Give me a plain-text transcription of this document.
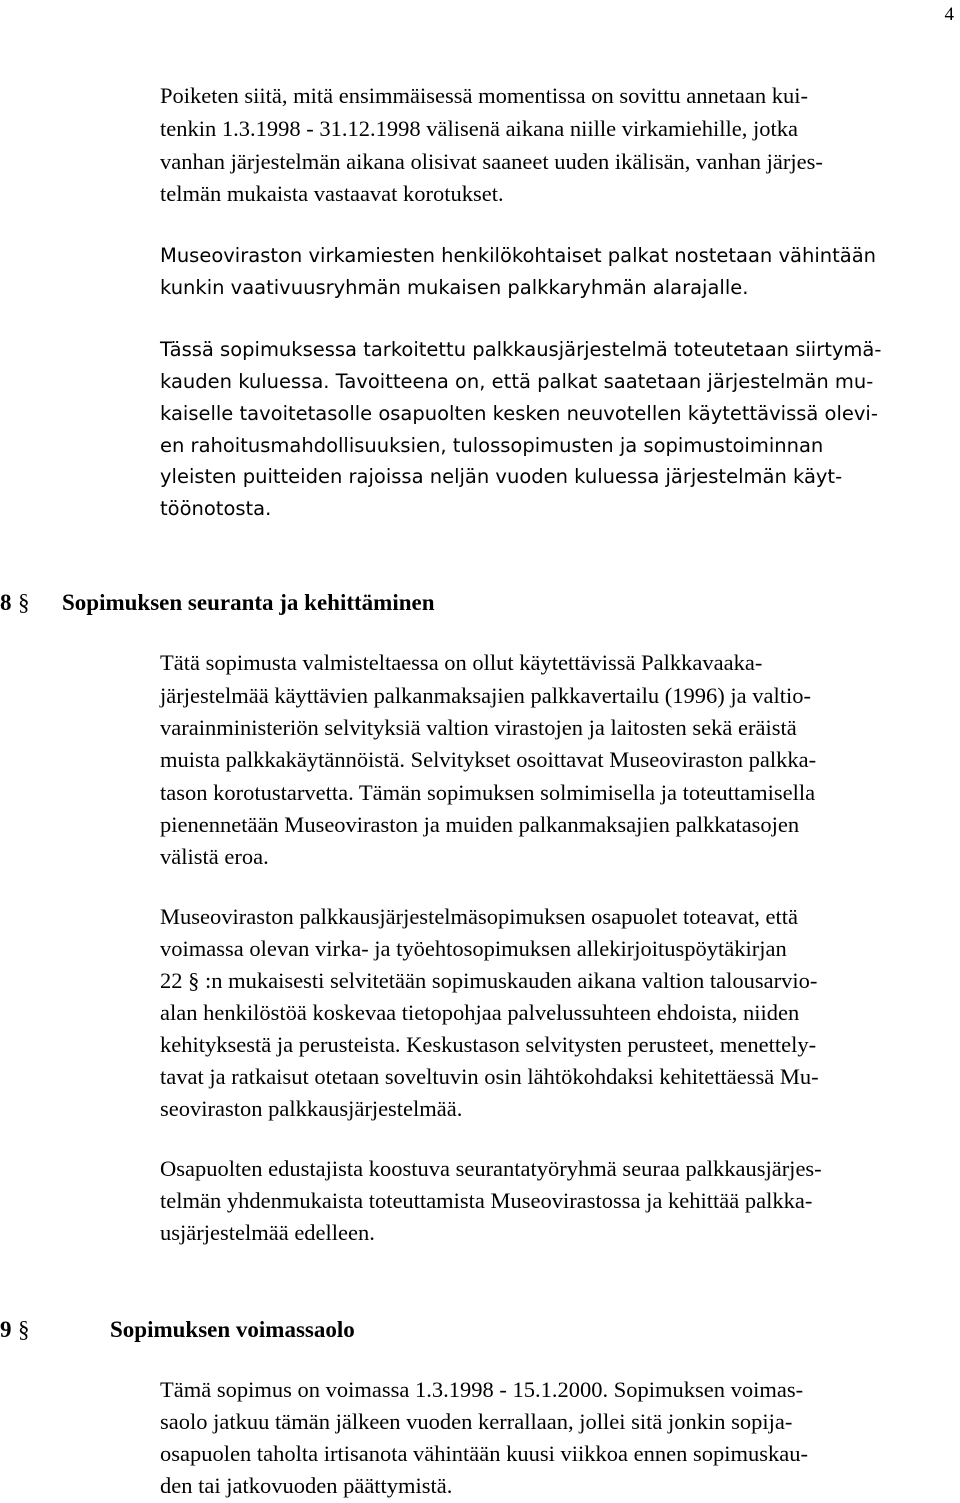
4
Poiketen siitä, mitä ensimmäisessä momentissa on sovittu annetaan kui-
tenkin 1.3.1998 - 31.12.1998 välisenä aikana niille virkamiehille, jotka
vanhan järjestelmän aikana olisivat saaneet uuden ikälisän, vanhan järjes-
telmän mukaista vastaavat korotukset.
Museoviraston virkamiesten henkilökohtaiset palkat nostetaan vähintään
kunkin vaativuusryhmän mukaisen palkkaryhmän alarajalle.
Tässä sopimuksessa tarkoitettu palkkausjärjestelmä toteutetaan siirtymä-
kauden kuluessa. Tavoitteena on, että palkat saatetaan järjestelmän mu-
kaiselle tavoitetasolle osapuolten kesken neuvotellen käytettävissä olevi-
en rahoitusmahdollisuuksien, tulossopimusten ja sopimustoiminnan
yleisten puitteiden rajoissa neljän vuoden kuluessa järjestelmän käyt-
töönotosta.
8 § Sopimuksen seuranta ja kehittäminen
Tätä sopimusta valmisteltaessa on ollut käytettävissä Palkkavaaka-
järjestelmää käyttävien palkanmaksajien palkkavertailu (1996) ja valtio-
varainministeriön selvityksiä valtion virastojen ja laitosten sekä eräistä
muista palkkakäytännöistä. Selvitykset osoittavat Museoviraston palkka-
tason korotustarvetta. Tämän sopimuksen solmimisella ja toteuttamisella
pienennetään Museoviraston ja muiden palkanmaksajien palkkatasojen
välistä eroa.
Museoviraston palkkausjärjestelmäsopimuksen osapuolet toteavat, että
voimassa olevan virka- ja työehtosopimuksen allekirjoituspöytäkirjan
22 § :n mukaisesti selvitetään sopimuskauden aikana valtion talousarvio-
alan henkilöstöä koskevaa tietopohjaa palvelussuhteen ehdoista, niiden
kehityksestä ja perusteista. Keskustason selvitysten perusteet, menettely-
tavat ja ratkaisut otetaan soveltuvin osin lähtökohdaksi kehitettäessä Mu-
seoviraston palkkausjärjestelmää.
Osapuolten edustajista koostuva seurantatyöryhmä seuraa palkkausjärjes-
telmän yhdenmukaista toteuttamista Museovirastossa ja kehittää palkka-
usjärjestelmää edelleen.
9 §	Sopimuksen voimassaolo
Tämä sopimus on voimassa 1.3.1998 - 15.1.2000. Sopimuksen voimas-
saolo jatkuu tämän jälkeen vuoden kerrallaan, jollei sitä jonkin sopija-
osapuolen taholta irtisanota vähintään kuusi viikkoa ennen sopimuskau-
den tai jatkovuoden päättymistä.
